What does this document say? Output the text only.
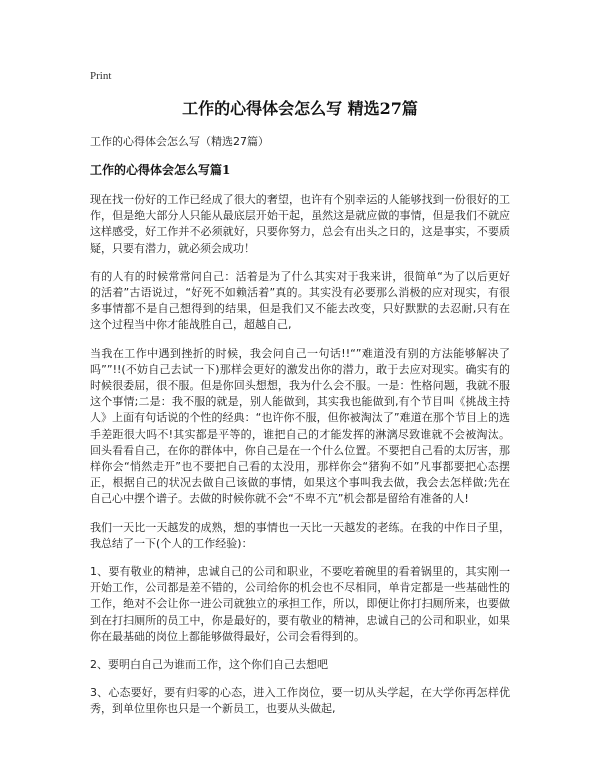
Print
工作的心得体会怎么写 精选27篇

工作的心得体会怎么写（精选27篇）

工作的心得体会怎么写篇1

现在找一份好的工作已经成了很大的奢望，也许有个别幸运的人能够找到一份很好的工作，但是绝大部分人只能从最底层开始干起，虽然这是就应做的事情，但是我们不就应这样感受，好工作并不必须就好，只要你努力，总会有出头之日的，这是事实，不要质疑，只要有潜力，就必须会成功！

有的人有的时候常常问自己：活着是为了什么其实对于我来讲，很简单“为了以后更好的活着”古语说过，“好死不如赖活着”真的。其实没有必要那么消极的应对现实，有很多事情都不是自己想得到的结果，但是我们又不能去改变，只好默默的去忍耐,只有在这个过程当中你才能战胜自己，超越自己,

当我在工作中遇到挫折的时候，我会问自己一句话!!“”难道没有别的方法能够解决了吗””!!(不妨自己去试一下)那样会更好的激发出你的潜力，敢于去应对现实。确实有的时候很委屈，很不服。但是你回头想想，我为什么会不服。一是：性格问题，我就不服这个事情;二是：我不服的就是，别人能做到，其实我也能做到,有个节目叫《挑战主持人》上面有句话说的个性的经典：“也许你不服，但你被淘汰了”难道在那个节目上的选手差距很大吗不!其实都是平等的，谁把自己的才能发挥的淋漓尽致谁就不会被淘汰。回头看看自己，在你的群体中，你自己是在一个什么位置。不要把自己看的太厉害，那样你会“悄然走开”也不要把自己看的太没用，那样你会“猪狗不如”凡事都要把心态摆正，根据自己的状况去做自己该做的事情，如果这个事叫我去做，我会去怎样做;先在自己心中摆个谱子。去做的时候你就不会“不卑不亢”机会都是留给有准备的人!

我们一天比一天越发的成熟，想的事情也一天比一天越发的老练。在我的中作日子里，我总结了一下(个人的工作经验)：

1、要有敬业的精神，忠诚自己的公司和职业，不要吃着碗里的看着锅里的，其实刚一开始工作，公司都是差不错的，公司给你的机会也不尽相同，单肯定都是一些基础性的工作，绝对不会让你一进公司就独立的承担工作，所以，即便让你打扫厕所来，也要做到在打扫厕所的员工中，你是最好的，要有敬业的精神，忠诚自己的公司和职业，如果你在最基础的岗位上都能够做得最好，公司会看得到的。

2、要明白自己为谁而工作，这个你们自己去想吧

3、心态要好，要有归零的心态，进入工作岗位，要一切从头学起，在大学你再怎样优秀，到单位里你也只是一个新员工，也要从头做起,
